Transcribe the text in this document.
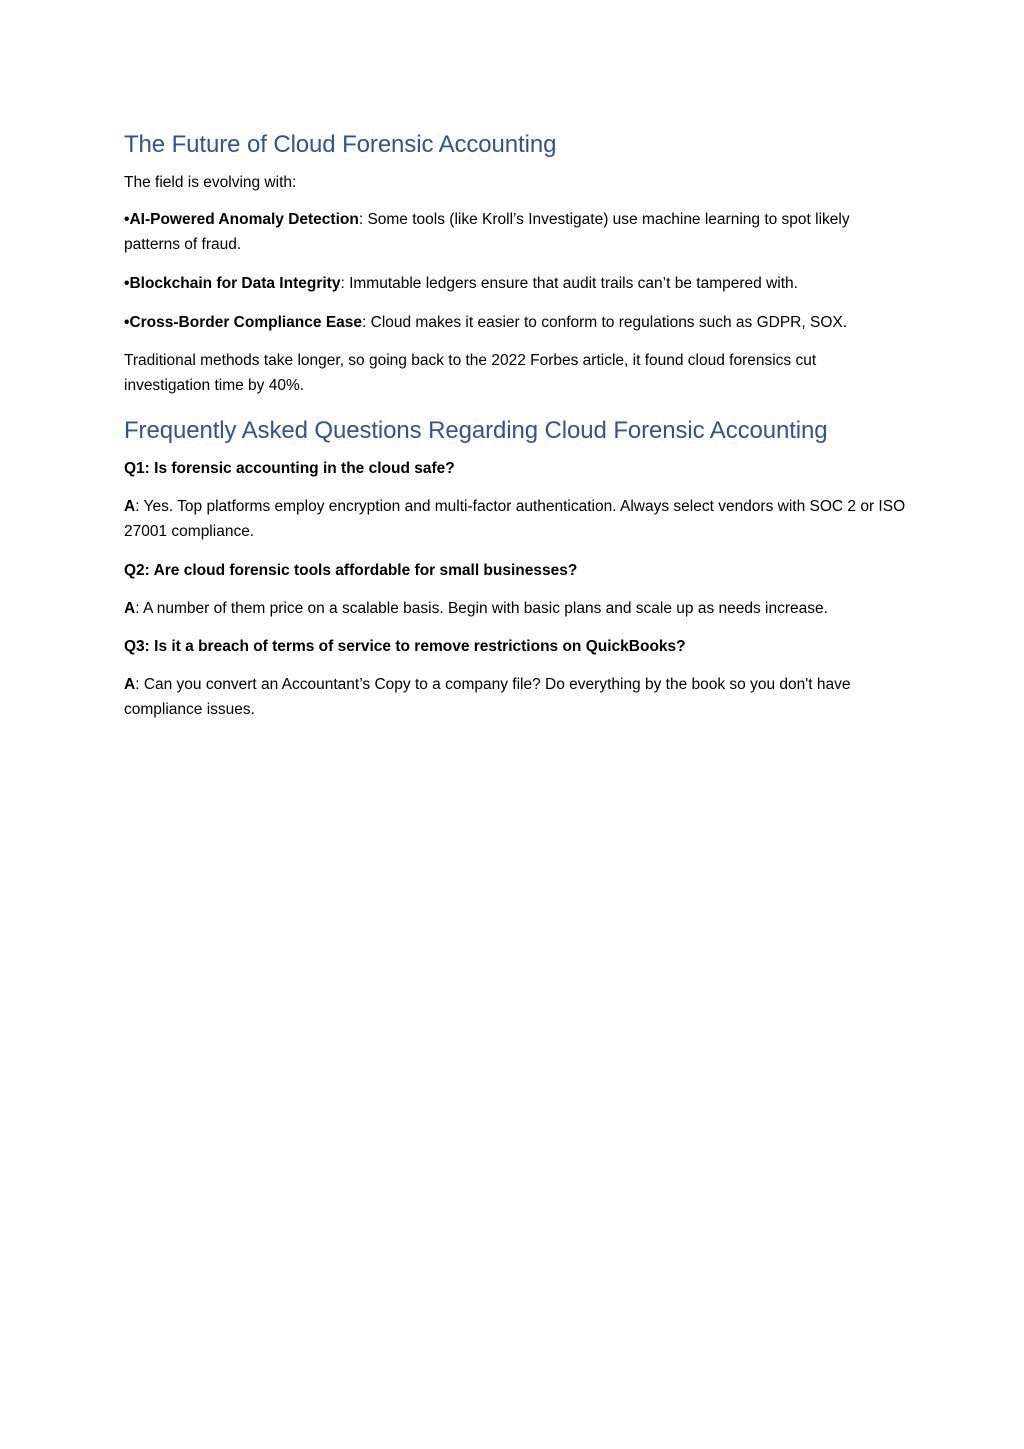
The Future of Cloud Forensic Accounting

The field is evolving with:

•AI-Powered Anomaly Detection: Some tools (like Kroll’s Investigate) use machine learning to spot likely patterns of fraud.

•Blockchain for Data Integrity: Immutable ledgers ensure that audit trails can’t be tampered with.

•Cross-Border Compliance Ease: Cloud makes it easier to conform to regulations such as GDPR, SOX.

Traditional methods take longer, so going back to the 2022 Forbes article, it found cloud forensics cut investigation time by 40%.

Frequently Asked Questions Regarding Cloud Forensic Accounting

Q1: Is forensic accounting in the cloud safe?

A: Yes. Top platforms employ encryption and multi-factor authentication. Always select vendors with SOC 2 or ISO 27001 compliance.

Q2: Are cloud forensic tools affordable for small businesses?

A: A number of them price on a scalable basis. Begin with basic plans and scale up as needs increase.

Q3: Is it a breach of terms of service to remove restrictions on QuickBooks?

A: Can you convert an Accountant’s Copy to a company file? Do everything by the book so you don't have compliance issues.
